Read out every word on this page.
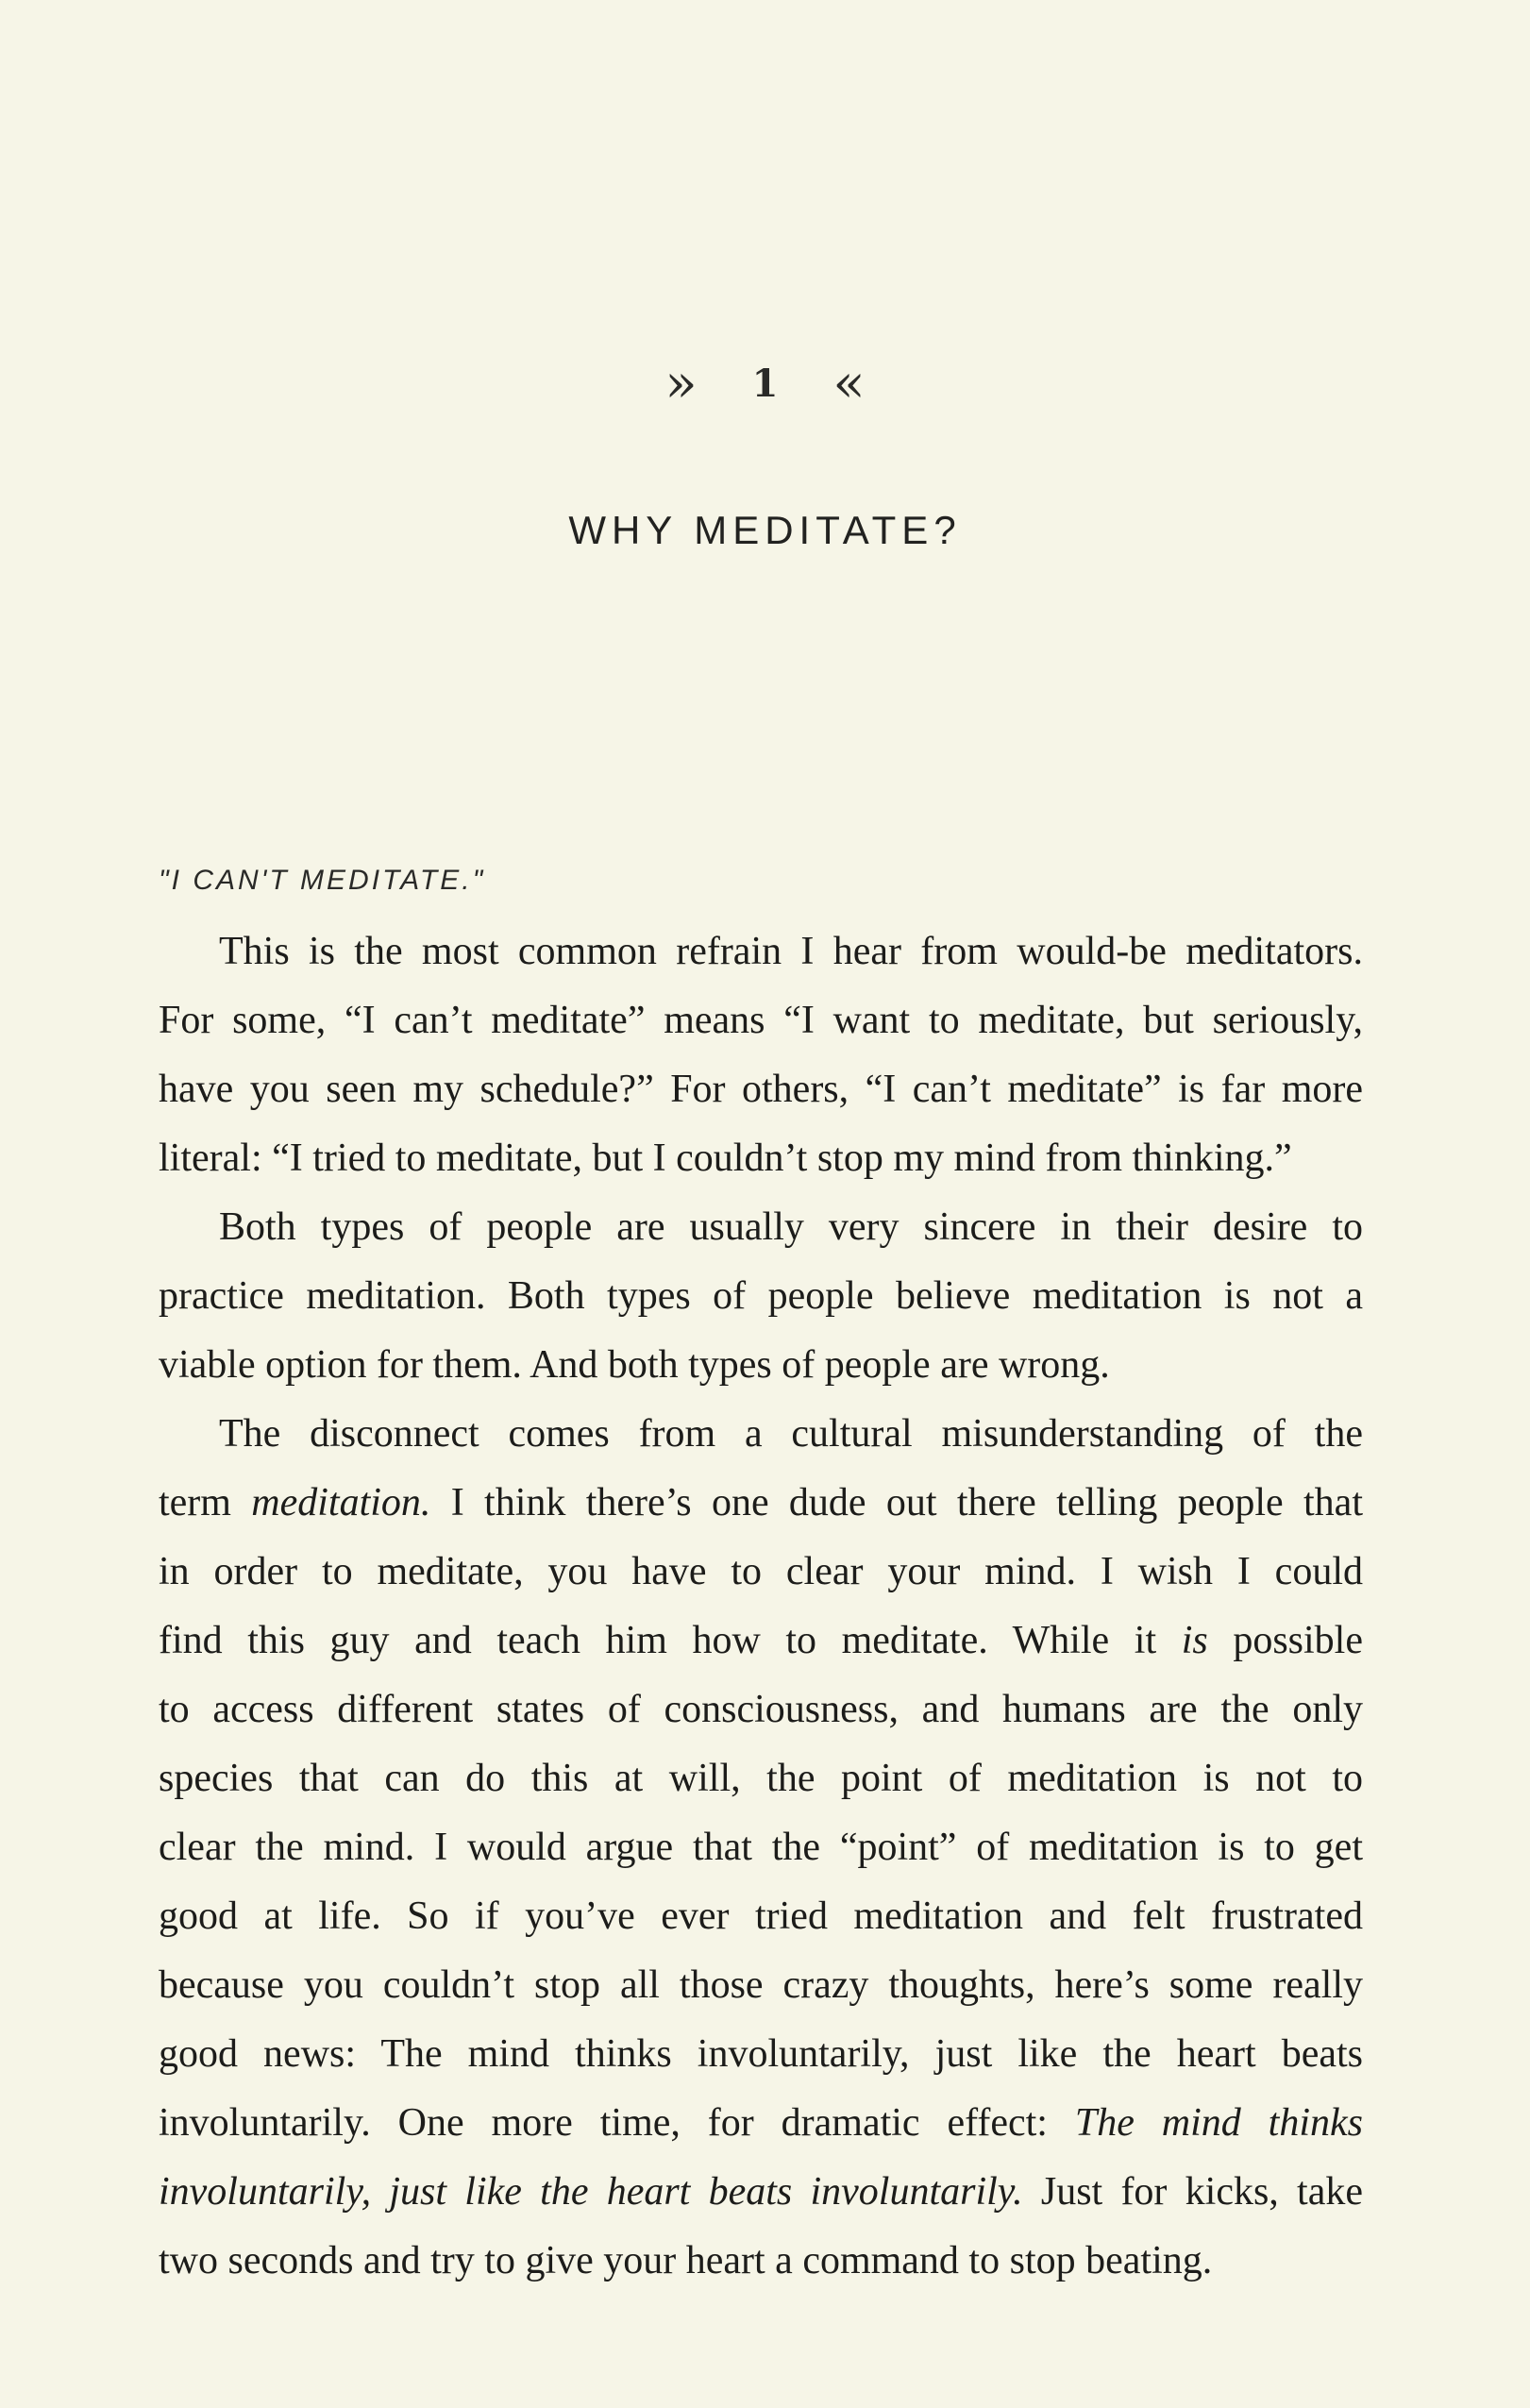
» 1 «
WHY MEDITATE?
"I CAN'T MEDITATE."
This is the most common refrain I hear from would-be meditators.
For some, “I can’t meditate” means “I want to meditate, but seriously,
have you seen my schedule?” For others, “I can’t meditate” is far more
literal: “I tried to meditate, but I couldn’t stop my mind from thinking.”
Both types of people are usually very sincere in their desire to
practice meditation. Both types of people believe meditation is not a
viable option for them. And both types of people are wrong.
The disconnect comes from a cultural misunderstanding of the
term meditation. I think there’s one dude out there telling people that
in order to meditate, you have to clear your mind. I wish I could
find this guy and teach him how to meditate. While it is possible
to access different states of consciousness, and humans are the only
species that can do this at will, the point of meditation is not to
clear the mind. I would argue that the “point” of meditation is to get
good at life. So if you’ve ever tried meditation and felt frustrated
because you couldn’t stop all those crazy thoughts, here’s some really
good news: The mind thinks involuntarily, just like the heart beats
involuntarily. One more time, for dramatic effect: The mind thinks
involuntarily, just like the heart beats involuntarily. Just for kicks, take
two seconds and try to give your heart a command to stop beating.
